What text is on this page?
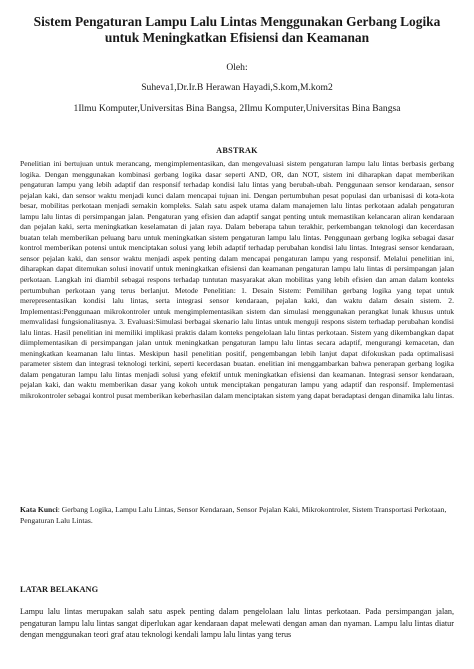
Sistem Pengaturan Lampu Lalu Lintas Menggunakan Gerbang Logika untuk Meningkatkan Efisiensi dan Keamanan
Oleh:
Suheva1,Dr.Ir.B Herawan Hayadi,S.kom,M.kom2
1Ilmu Komputer,Universitas Bina Bangsa, 2Ilmu Komputer,Universitas Bina Bangsa
ABSTRAK

Penelitian ini bertujuan untuk merancang, mengimplementasikan, dan mengevaluasi sistem pengaturan lampu lalu lintas berbasis gerbang logika. Dengan menggunakan kombinasi gerbang logika dasar seperti AND, OR, dan NOT, sistem ini diharapkan dapat memberikan pengaturan lampu yang lebih adaptif dan responsif terhadap kondisi lalu lintas yang berubah-ubah. Penggunaan sensor kendaraan, sensor pejalan kaki, dan sensor waktu menjadi kunci dalam mencapai tujuan ini. Dengan pertumbuhan pesat populasi dan urbanisasi di kota-kota besar, mobilitas perkotaan menjadi semakin kompleks. Salah satu aspek utama dalam manajemen lalu lintas perkotaan adalah pengaturan lampu lalu lintas di persimpangan jalan. Pengaturan yang efisien dan adaptif sangat penting untuk memastikan kelancaran aliran kendaraan dan pejalan kaki, serta meningkatkan keselamatan di jalan raya. Dalam beberapa tahun terakhir, perkembangan teknologi dan kecerdasan buatan telah memberikan peluang baru untuk meningkatkan sistem pengaturan lampu lalu lintas. Penggunaan gerbang logika sebagai dasar kontrol memberikan potensi untuk menciptakan solusi yang lebih adaptif terhadap perubahan kondisi lalu lintas. Integrasi sensor kendaraan, sensor pejalan kaki, dan sensor waktu menjadi aspek penting dalam mencapai pengaturan lampu yang responsif. Melalui penelitian ini, diharapkan dapat ditemukan solusi inovatif untuk meningkatkan efisiensi dan keamanan pengaturan lampu lalu lintas di persimpangan jalan perkotaan. Langkah ini diambil sebagai respons terhadap tuntutan masyarakat akan mobilitas yang lebih efisien dan aman dalam konteks pertumbuhan perkotaan yang terus berlanjut. Metode Penelitian: 1. Desain Sistem: Pemilihan gerbang logika yang tepat untuk merepresentasikan kondisi lalu lintas, serta integrasi sensor kendaraan, pejalan kaki, dan waktu dalam desain sistem. 2. Implementasi:Penggunaan mikrokontroler untuk mengimplementasikan sistem dan simulasi menggunakan perangkat lunak khusus untuk memvalidasi fungsionalitasnya. 3. Evaluasi:Simulasi berbagai skenario lalu lintas untuk menguji respons sistem terhadap perubahan kondisi lalu lintas. Hasil penelitian ini memiliki implikasi praktis dalam konteks pengelolaan lalu lintas perkotaan. Sistem yang dikembangkan dapat diimplementasikan di persimpangan jalan untuk meningkatkan pengaturan lampu lalu lintas secara adaptif, mengurangi kemacetan, dan meningkatkan keamanan lalu lintas. Meskipun hasil penelitian positif, pengembangan lebih lanjut dapat difokuskan pada optimalisasi parameter sistem dan integrasi teknologi terkini, seperti kecerdasan buatan. enelitian ini menggambarkan bahwa penerapan gerbang logika dalam pengaturan lampu lalu lintas menjadi solusi yang efektif untuk meningkatkan efisiensi dan keamanan. Integrasi sensor kendaraan, pejalan kaki, dan waktu memberikan dasar yang kokoh untuk menciptakan pengaturan lampu yang adaptif dan responsif. Implementasi mikrokontroler sebagai kontrol pusat memberikan keberhasilan dalam menciptakan sistem yang dapat beradaptasi dengan dinamika lalu lintas.

Kata Kunci: Gerbang Logika, Lampu Lalu Lintas, Sensor Kendaraan, Sensor Pejalan Kaki, Mikrokontroler, Sistem Transportasi Perkotaan, Pengaturan Lalu Lintas.

LATAR BELAKANG

Lampu lalu lintas merupakan salah satu aspek penting dalam pengelolaan lalu lintas perkotaan. Pada persimpangan jalan, pengaturan lampu lalu lintas sangat diperlukan agar kendaraan dapat melewati dengan aman dan nyaman. Lampu lalu lintas diatur dengan menggunakan teori graf atau teknologi kendali lampu lalu lintas yang terus
